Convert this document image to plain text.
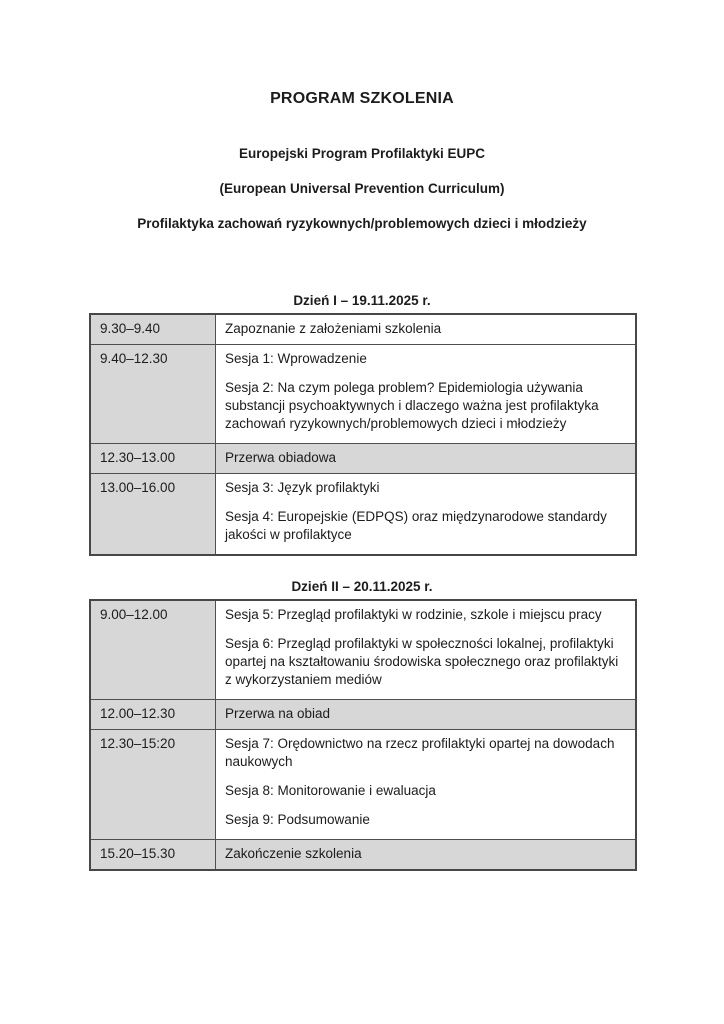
PROGRAM SZKOLENIA

Europejski Program Profilaktyki EUPC

(European Universal Prevention Curriculum)

Profilaktyka zachowań ryzykownych/problemowych dzieci i młodzieży

Dzień I – 19.11.2025 r.
9.30–9.40	Zapoznanie z założeniami szkolenia

9.40–12.30	Sesja 1: Wprowadzenie

Sesja 2: Na czym polega problem? Epidemiologia używania substancji psychoaktywnych i dlaczego ważna jest profilaktyka zachowań ryzykownych/problemowych dzieci i młodzieży

12.30–13.00	Przerwa obiadowa

13.00–16.00	Sesja 3: Język profilaktyki

Sesja 4: Europejskie (EDPQS) oraz międzynarodowe standardy jakości w profilaktyce

Dzień II – 20.11.2025 r.
9.00–12.00	Sesja 5: Przegląd profilaktyki w rodzinie, szkole i miejscu pracy

Sesja 6: Przegląd profilaktyki w społeczności lokalnej, profilaktyki opartej na kształtowaniu środowiska społecznego oraz profilaktyki z wykorzystaniem mediów

12.00–12.30	Przerwa na obiad

12.30–15:20	Sesja 7: Orędownictwo na rzecz profilaktyki opartej na dowodach naukowych

Sesja 8: Monitorowanie i ewaluacja

Sesja 9: Podsumowanie

15.20–15.30	Zakończenie szkolenia
